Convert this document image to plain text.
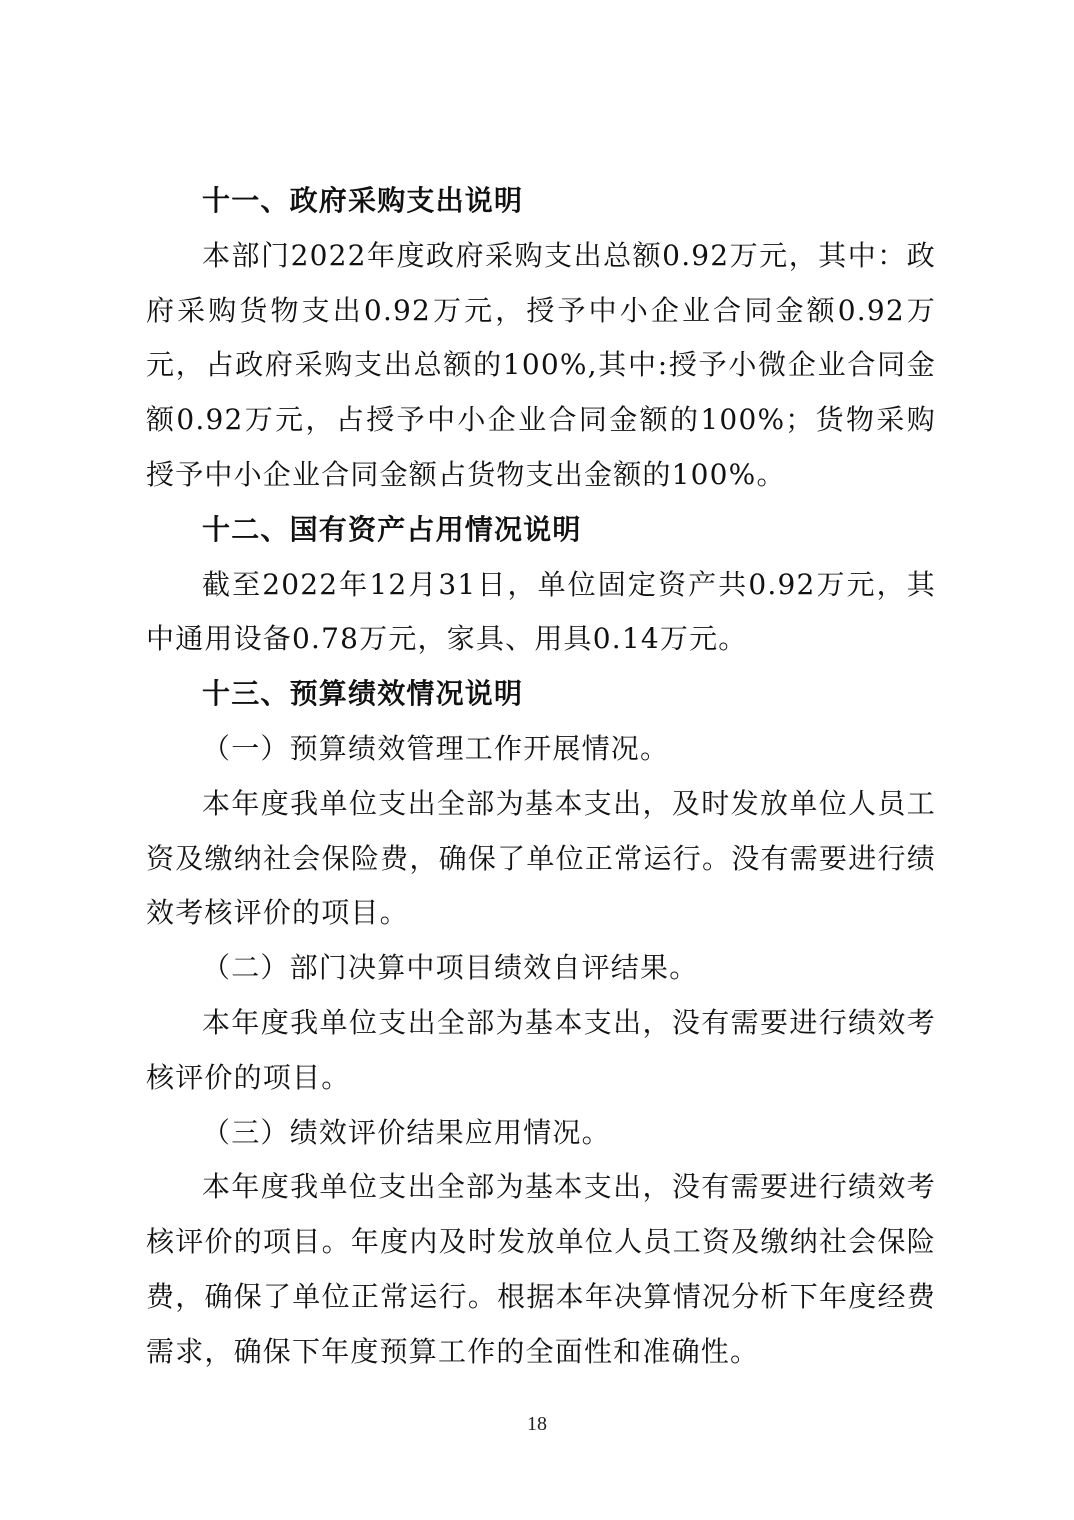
十一、政府采购支出说明

本部门2022年度政府采购支出总额0.92万元，其中：政府采购货物支出0.92万元，授予中小企业合同金额0.92万元，占政府采购支出总额的100%,其中:授予小微企业合同金额0.92万元，占授予中小企业合同金额的100%；货物采购授予中小企业合同金额占货物支出金额的100%。

十二、国有资产占用情况说明

截至2022年12月31日，单位固定资产共0.92万元，其中通用设备0.78万元，家具、用具0.14万元。

十三、预算绩效情况说明

（一）预算绩效管理工作开展情况。

本年度我单位支出全部为基本支出，及时发放单位人员工资及缴纳社会保险费，确保了单位正常运行。没有需要进行绩效考核评价的项目。

（二）部门决算中项目绩效自评结果。

本年度我单位支出全部为基本支出，没有需要进行绩效考核评价的项目。

（三）绩效评价结果应用情况。

本年度我单位支出全部为基本支出，没有需要进行绩效考核评价的项目。年度内及时发放单位人员工资及缴纳社会保险费，确保了单位正常运行。根据本年决算情况分析下年度经费需求，确保下年度预算工作的全面性和准确性。

18
